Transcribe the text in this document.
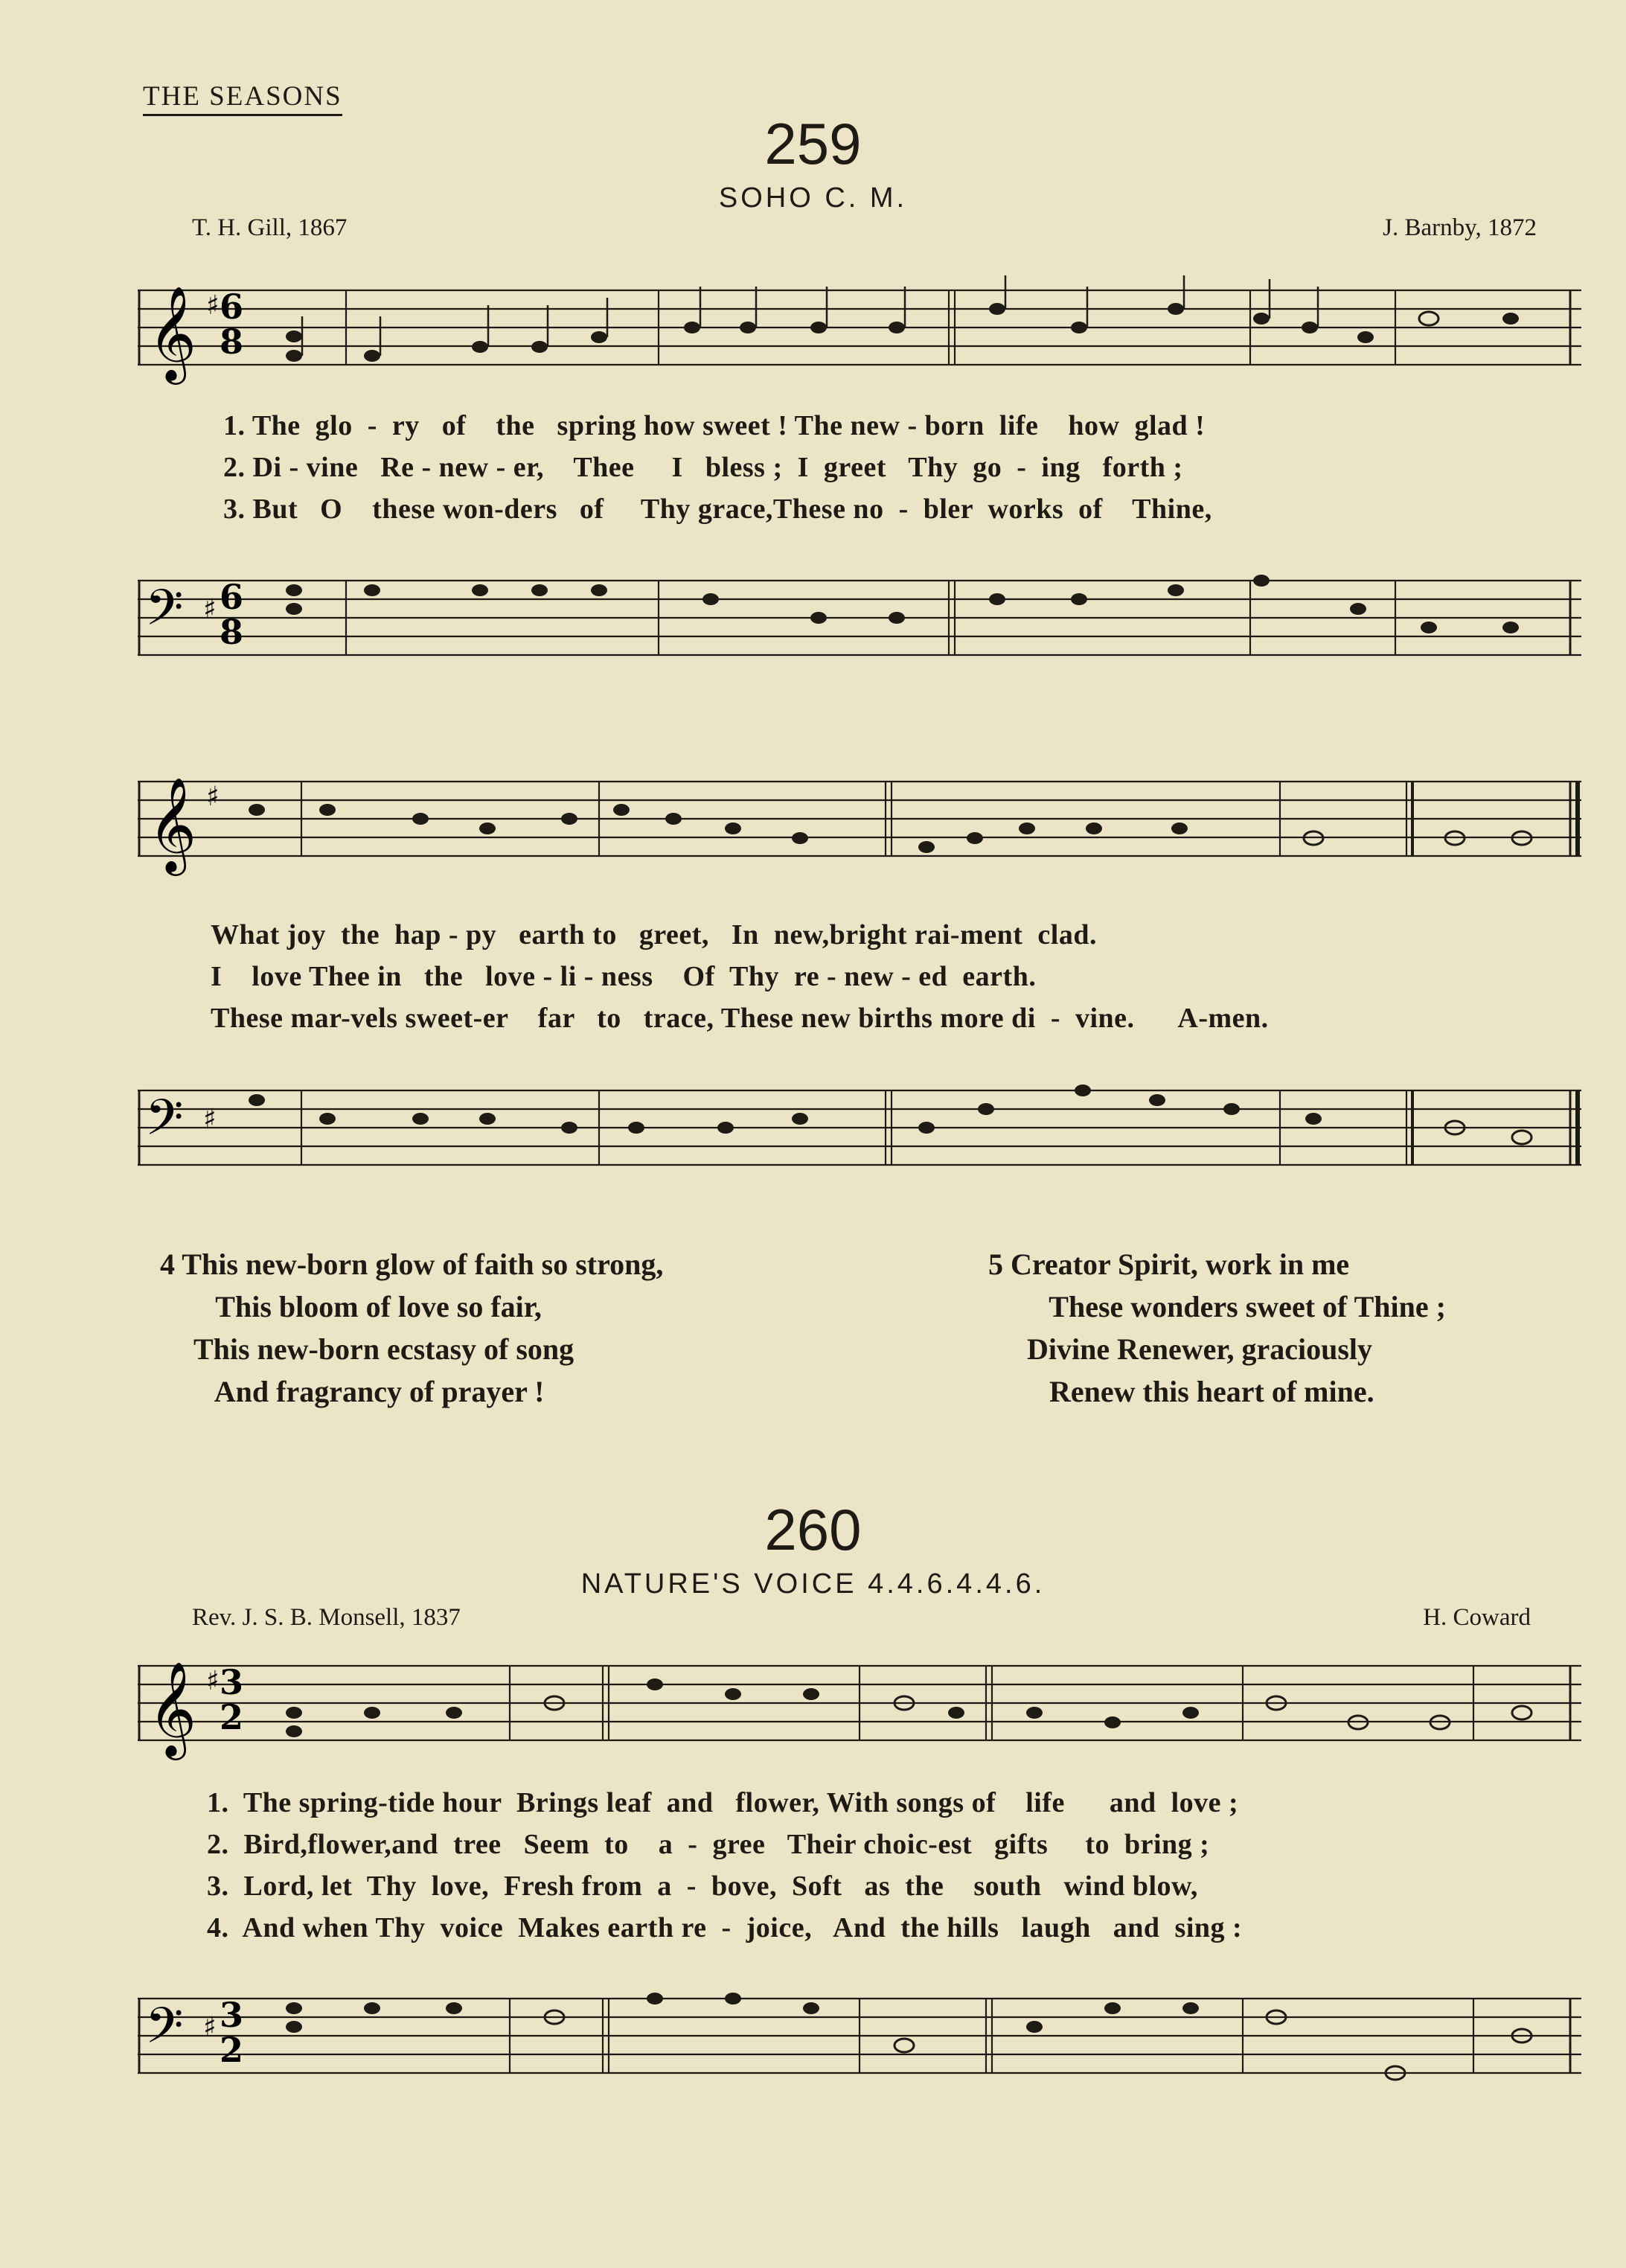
THE SEASONS
259
SOHO C. M.
T. H. Gill, 1867	J. Barnby, 1872
𝄞 6
8
♯
1. The  glo  -  ry   of    the   spring how sweet ! The new - born  life    how  glad !
2. Di - vine   Re - new - er,    Thee     I   bless ;  I  greet   Thy  go  -  ing   forth ;
3. But   O    these won-ders   of     Thy grace,These no  -  bler  works  of    Thine,
𝄢 6
8
♯
𝄞 ♯
What joy  the  hap - py   earth to   greet,   In  new,bright rai-ment  clad.
I    love Thee in   the   love - li - ness    Of  Thy  re - new - ed  earth.
These mar-vels sweet-er    far   to   trace, These new births more di  -  vine.      A-men.
𝄢 ♯
4 This new-born glow of faith so strong,
This bloom of love so fair,
This new-born ecstasy of song
And fragrancy of prayer !
5 Creator Spirit, work in me
These wonders sweet of Thine ;
Divine Renewer, graciously
Renew this heart of mine.
260
NATURE'S VOICE 4.4.6.4.4.6.
Rev. J. S. B. Monsell, 1837	H. Coward
𝄞 3
2
♯
1.  The spring-tide hour  Brings leaf  and   flower, With songs of    life      and  love ;
2.  Bird,flower,and  tree   Seem  to    a  -  gree   Their choic-est   gifts     to  bring ;
3.  Lord, let  Thy  love,  Fresh from  a  -  bove,  Soft   as  the    south   wind blow,
4.  And when Thy  voice  Makes earth re  -  joice,   And  the hills   laugh   and  sing :
𝄢 3
2
♯
